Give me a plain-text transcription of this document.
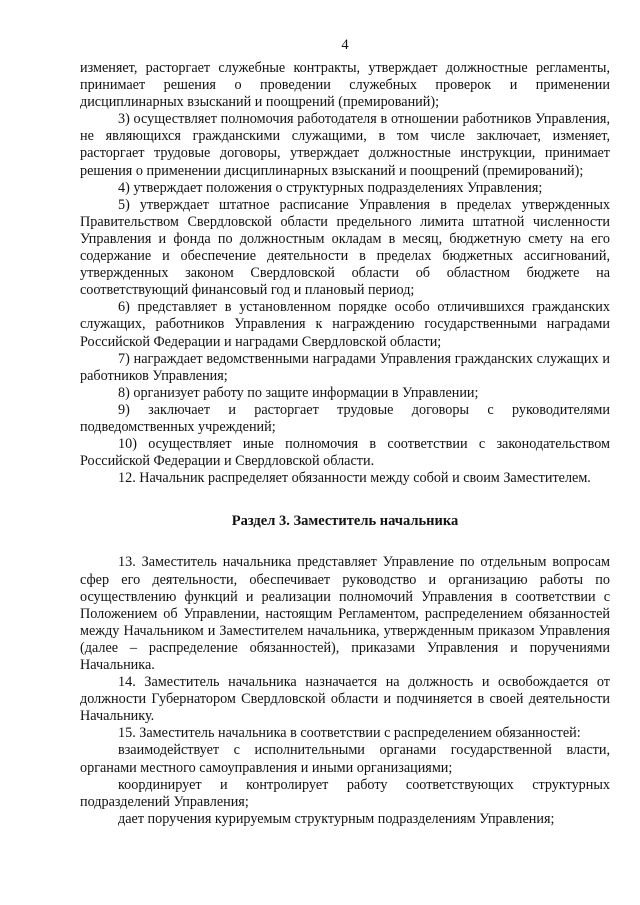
4

изменяет, расторгает служебные контракты, утверждает должностные регламенты, принимает решения о проведении служебных проверок и применении дисциплинарных взысканий и поощрений (премирований);

3) осуществляет полномочия работодателя в отношении работников Управления, не являющихся гражданскими служащими, в том числе заключает, изменяет, расторгает трудовые договоры, утверждает должностные инструкции, принимает решения о применении дисциплинарных взысканий и поощрений (премирований);

4) утверждает положения о структурных подразделениях Управления;

5) утверждает штатное расписание Управления в пределах утвержденных Правительством Свердловской области предельного лимита штатной численности Управления и фонда по должностным окладам в месяц, бюджетную смету на его содержание и обеспечение деятельности в пределах бюджетных ассигнований, утвержденных законом Свердловской области об областном бюджете на соответствующий финансовый год и плановый период;

6) представляет в установленном порядке особо отличившихся гражданских служащих, работников Управления к награждению государственными наградами Российской Федерации и наградами Свердловской области;

7) награждает ведомственными наградами Управления гражданских служащих и работников Управления;

8) организует работу по защите информации в Управлении;

9) заключает и расторгает трудовые договоры с руководителями подведомственных учреждений;

10) осуществляет иные полномочия в соответствии с законодательством Российской Федерации и Свердловской области.

12. Начальник распределяет обязанности между собой и своим Заместителем.

Раздел 3. Заместитель начальника

13. Заместитель начальника представляет Управление по отдельным вопросам сфер его деятельности, обеспечивает руководство и организацию работы по осуществлению функций и реализации полномочий Управления в соответствии с Положением об Управлении, настоящим Регламентом, распределением обязанностей между Начальником и Заместителем начальника, утвержденным приказом Управления (далее – распределение обязанностей), приказами Управления и поручениями Начальника.

14. Заместитель начальника назначается на должность и освобождается от должности Губернатором Свердловской области и подчиняется в своей деятельности Начальнику.

15. Заместитель начальника в соответствии с распределением обязанностей:

взаимодействует с исполнительными органами государственной власти, органами местного самоуправления и иными организациями;

координирует и контролирует работу соответствующих структурных подразделений Управления;

дает поручения курируемым структурным подразделениям Управления;
